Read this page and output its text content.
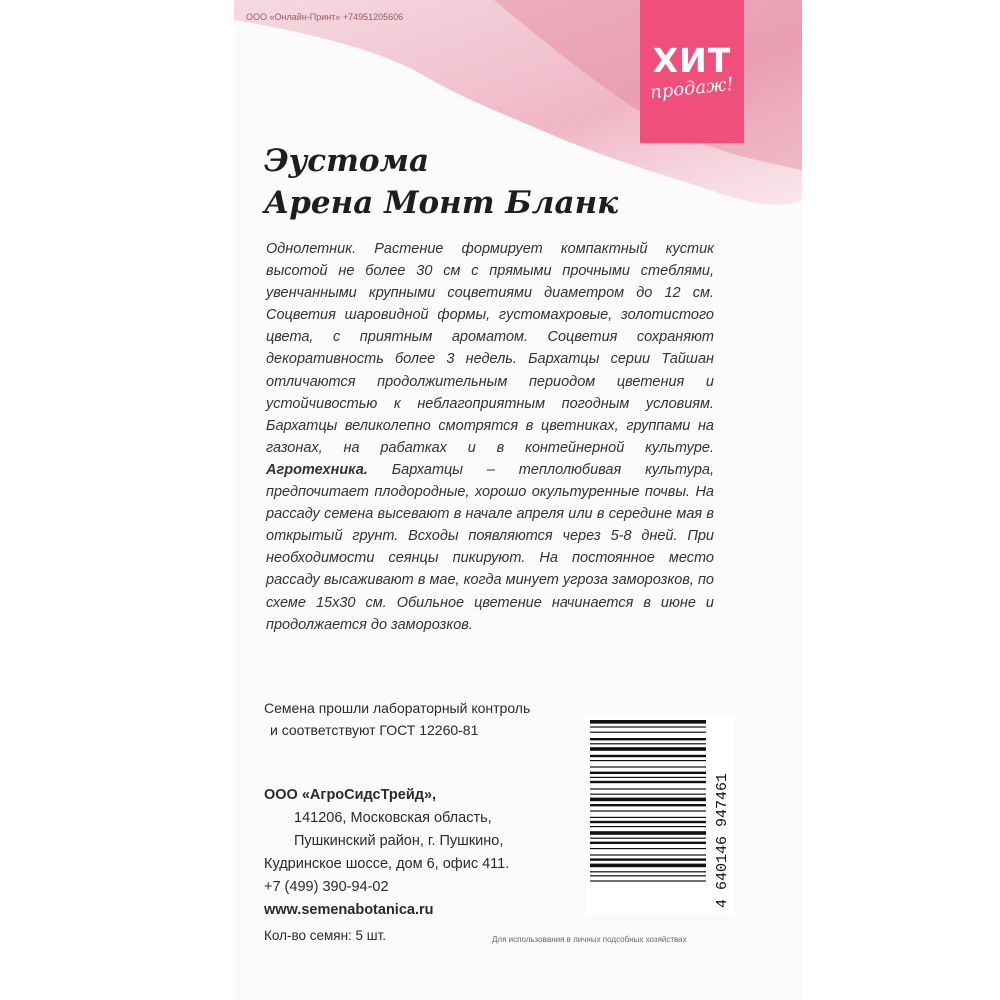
ООО «Онлайн-Принт» +74951205606
ХИТ
продаж!
Эустома
Арена Монт Бланк
Однолетник. Растение формирует компактный кустик высотой не более 30 см с прямыми прочными стеблями, увенчанными крупными соцветиями диаметром до 12 см. Соцветия шаровидной формы, густомахровые, золотистого цвета, с приятным ароматом. Соцветия сохраняют декоративность более 3 недель. Бархатцы серии Тайшан отличаются продолжительным периодом цветения и устойчивостью к неблагоприятным погодным условиям. Бархатцы великолепно смотрятся в цветниках, группами на газонах, на рабатках и в контейнерной культуре. Агротехника. Бархатцы – теплолюбивая культура, предпочитает плодородные, хорошо окультуренные почвы. На рассаду семена высевают в начале апреля или в середине мая в открытый грунт. Всходы появляются через 5-8 дней. При необходимости сеянцы пикируют. На постоянное место рассаду высаживают в мае, когда минует угроза заморозков, по схеме 15х30 см. Обильное цветение начинается в июне и продолжается до заморозков.
Семена прошли лабораторный контроль
и соответствуют ГОСТ 12260-81
ООО «АгроСидсТрейд»,
141206, Московская область,
Пушкинский район, г. Пушкино,
Кудринское шоссе, дом 6, офис 411.
+7 (499) 390-94-02
www.semenabotanica.ru
Кол-во семян: 5 шт.	Для использования в личных подсобных хозяйствах
4 640146 947461
